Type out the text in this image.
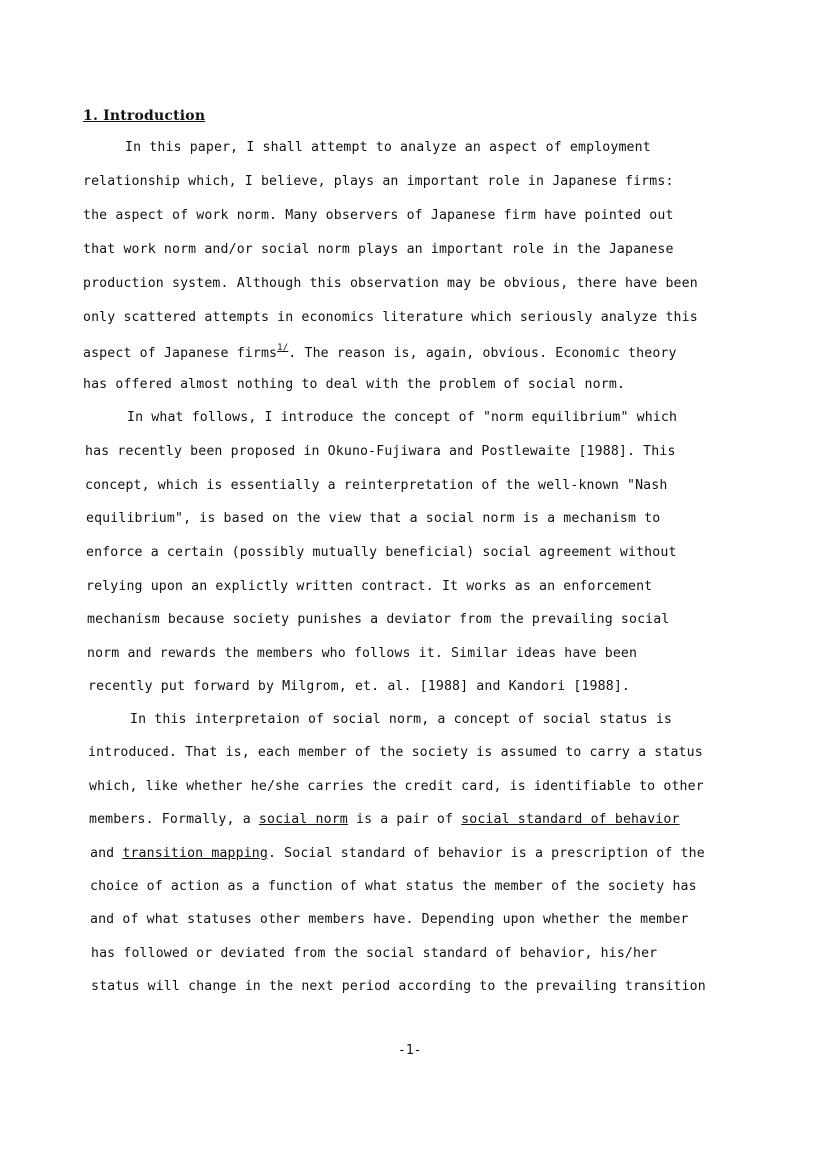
1. Introduction
In this paper, I shall attempt to analyze an aspect of employment
relationship which, I believe, plays an important role in Japanese firms:
the aspect of work norm. Many observers of Japanese firm have pointed out
that work norm and/or social norm plays an important role in the Japanese
production system. Although this observation may be obvious, there have been
only scattered attempts in economics literature which seriously analyze this
aspect of Japanese firms$^{1/}$. The reason is, again, obvious. Economic theory
has offered almost nothing to deal with the problem of social norm.
In what follows, I introduce the concept of "norm equilibrium" which
has recently been proposed in Okuno-Fujiwara and Postlewaite [1988]. This
concept, which is essentially a reinterpretation of the well-known "Nash
equilibrium", is based on the view that a social norm is a mechanism to
enforce a certain (possibly mutually beneficial) social agreement without
relying upon an explictly written contract. It works as an enforcement
mechanism because society punishes a deviator from the prevailing social
norm and rewards the members who follows it. Similar ideas have been
recently put forward by Milgrom, et. al. [1988] and Kandori [1988].
In this interpretaion of social norm, a concept of social status is
introduced. That is, each member of the society is assumed to carry a status
which, like whether he/she carries the credit card, is identifiable to other
members. Formally, a social norm is a pair of social standard of behavior
and transition mapping. Social standard of behavior is a prescription of the
choice of action as a function of what status the member of the society has
and of what statuses other members have. Depending upon whether the member
has followed or deviated from the social standard of behavior, his/her
status will change in the next period according to the prevailing transition
-1-
